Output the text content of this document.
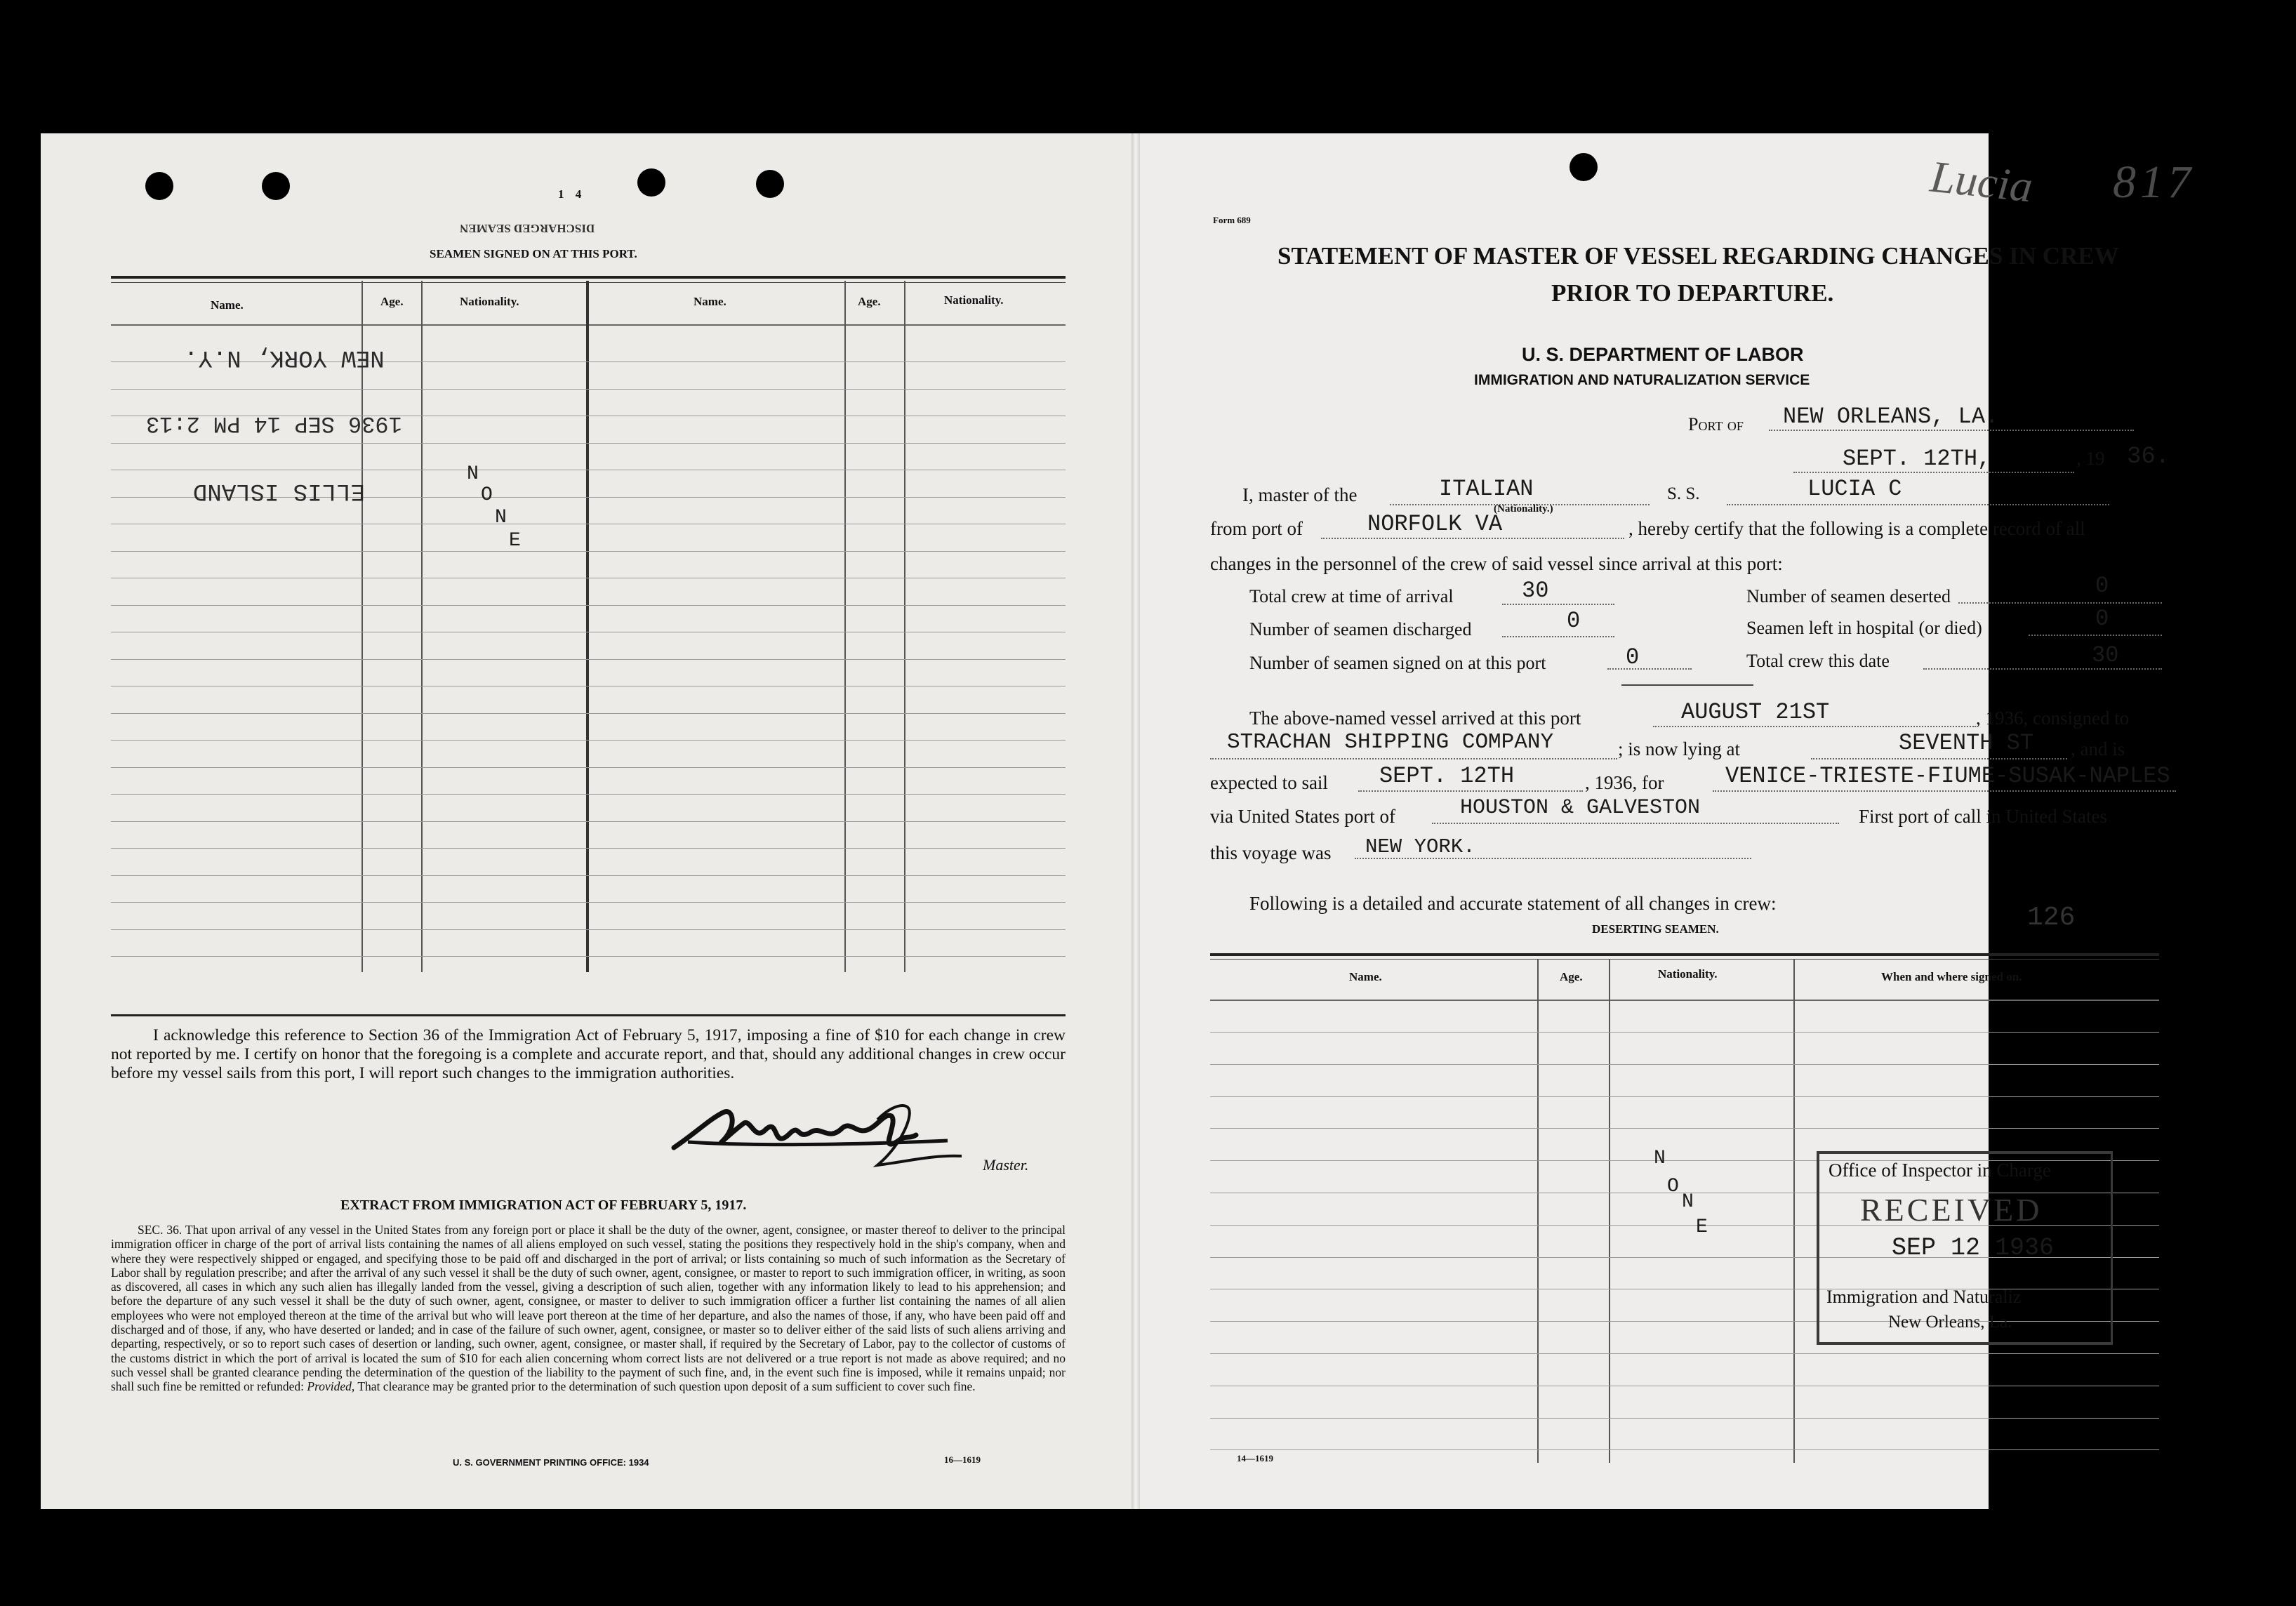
1 4
DISCHARGED SEAMEN
SEAMEN SIGNED ON AT THIS PORT.
Name.	Age.	Nationality.	Name.	Age.	Nationality.
NEW YORK, N.Y.
1936 SEP 14 PM 2:13
ELLIS ISLAND
N
O
N
E
I acknowledge this reference to Section 36 of the Immigration Act of February 5, 1917, imposing a fine of $10 for each change in crew not reported by me. I certify on honor that the foregoing is a complete and accurate report, and that, should any additional changes in crew occur before my vessel sails from this port, I will report such changes to the immigration authorities.
Master.
EXTRACT FROM IMMIGRATION ACT OF FEBRUARY 5, 1917.
SEC. 36. That upon arrival of any vessel in the United States from any foreign port or place it shall be the duty of the owner, agent, consignee, or master thereof to deliver to the principal immigration officer in charge of the port of arrival lists containing the names of all aliens employed on such vessel, stating the positions they respectively hold in the ship's company, when and where they were respectively shipped or engaged, and specifying those to be paid off and discharged in the port of arrival; or lists containing so much of such information as the Secretary of Labor shall by regulation prescribe; and after the arrival of any such vessel it shall be the duty of such owner, agent, consignee, or master to report to such immigration officer, in writing, as soon as discovered, all cases in which any such alien has illegally landed from the vessel, giving a description of such alien, together with any information likely to lead to his apprehension; and before the departure of any such vessel it shall be the duty of such owner, agent, consignee, or master to deliver to such immigration officer a further list containing the names of all alien employees who were not employed thereon at the time of the arrival but who will leave port thereon at the time of her departure, and also the names of those, if any, who have been paid off and discharged and of those, if any, who have deserted or landed; and in case of the failure of such owner, agent, consignee, or master so to deliver either of the said lists of such aliens arriving and departing, respectively, or so to report such cases of desertion or landing, such owner, agent, consignee, or master shall, if required by the Secretary of Labor, pay to the collector of customs of the customs district in which the port of arrival is located the sum of $10 for each alien concerning whom correct lists are not delivered or a true report is not made as above required; and no such vessel shall be granted clearance pending the determination of the question of the liability to the payment of such fine, and, in the event such fine is imposed, while it remains unpaid; nor shall such fine be remitted or refunded: Provided, That clearance may be granted prior to the determination of such question upon deposit of a sum sufficient to cover such fine.
U. S. GOVERNMENT PRINTING OFFICE: 1934	16—1619
Lucia 817
Form 689
STATEMENT OF MASTER OF VESSEL REGARDING CHANGES IN CREW
PRIOR TO DEPARTURE.
U. S. DEPARTMENT OF LABOR
IMMIGRATION AND NATURALIZATION SERVICE
Port of NEW ORLEANS, LA.
SEPT. 12TH,	, 19 36.
I, master of the	ITALIAN	S. S.	LUCIA C
(Nationality.)
from port of	NORFOLK VA	, hereby certify that the following is a complete record of all
changes in the personnel of the crew of said vessel since arrival at this port:
Total crew at time of arrival	30
Number of seamen discharged	0
Number of seamen signed on at this port	0
Number of seamen deserted	0
Seamen left in hospital (or died)	0
Total crew this date	30
The above-named vessel arrived at this port	AUGUST 21ST	, 1936, consigned to
STRACHAN SHIPPING COMPANY	; is now lying at	SEVENTH ST , and is
expected to sail SEPT. 12TH	, 1936, for	VENICE-TRIESTE-FIUME-SUSAK-NAPLES
via United States port of	HOUSTON & GALVESTON	First port of call in United States
this voyage was NEW YORK.
Following is a detailed and accurate statement of all changes in crew:	126
DESERTING SEAMEN.
Name.	Age.	Nationality.	When and where signed on.
N
O
N
E
Office of Inspector in Charge
RECEIVED
SEP 12 1936
Immigration and Naturaliz
New Orleans, La.
14—1619
